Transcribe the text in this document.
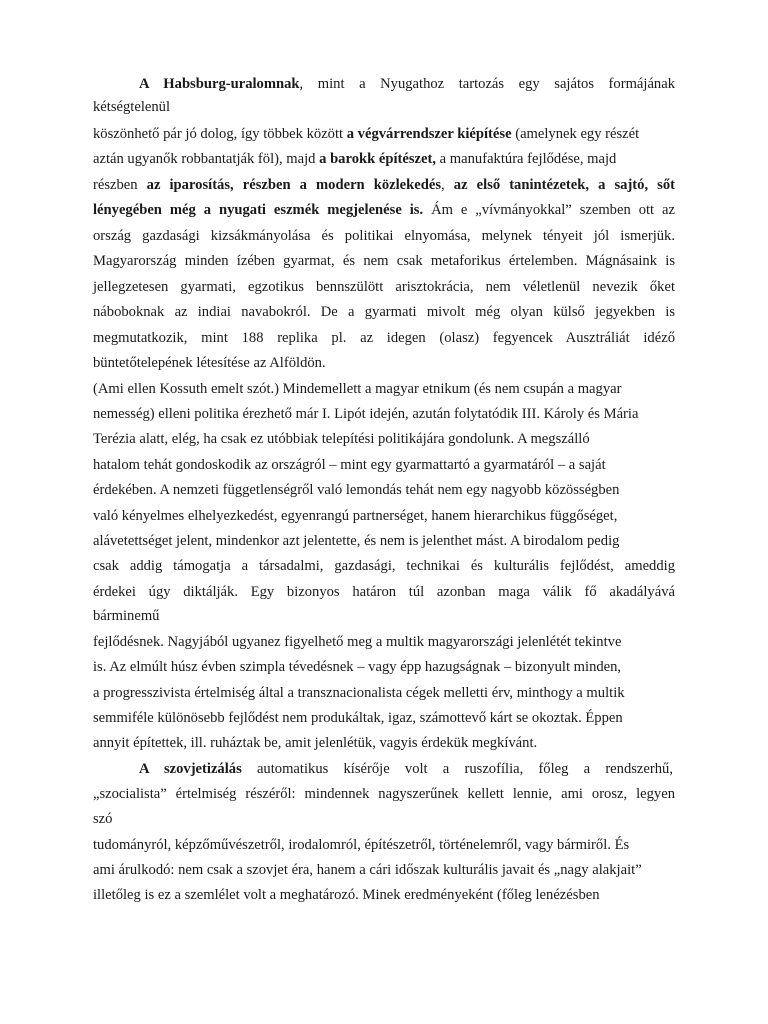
A Habsburg-uralomnak, mint a Nyugathoz tartozás egy sajátos formájának
kétségtelenül
köszönhető pár jó dolog, így többek között a végvárrendszer kiépítése (amelynek egy részét
aztán ugyanők robbantatják föl), majd a barokk építészet, a manufaktúra fejlődése, majd
részben az iparosítás, részben a modern közlekedés, az első tanintézetek, a sajtó, sőt
lényegében még a nyugati eszmék megjelenése is. Ám e „vívmányokkal” szemben ott az
ország gazdasági kizsákmányolása és politikai elnyomása, melynek tényeit jól ismerjük.
Magyarország minden ízében gyarmat, és nem csak metaforikus értelemben. Mágnásaink is
jellegzetesen gyarmati, egzotikus bennszülött arisztokrácia, nem véletlenül nevezik őket
náboboknak az indiai navabokról. De a gyarmati mivolt még olyan külső jegyekben is
megmutatkozik, mint 188 replika pl. az idegen (olasz) fegyencek Ausztráliát idéző
büntetőtelepének létesítése az Alföldön.
(Ami ellen Kossuth emelt szót.) Mindemellett a magyar etnikum (és nem csupán a magyar
nemesség) elleni politika érezhető már I. Lipót idején, azután folytatódik III. Károly és Mária
Terézia alatt, elég, ha csak ez utóbbiak telepítési politikájára gondolunk. A megszálló
hatalom tehát gondoskodik az országról – mint egy gyarmattartó a gyarmatáról – a saját
érdekében. A nemzeti függetlenségről való lemondás tehát nem egy nagyobb közösségben
való kényelmes elhelyezkedést, egyenrangú partnerséget, hanem hierarchikus függőséget,
alávetettséget jelent, mindenkor azt jelentette, és nem is jelenthet mást. A birodalom pedig
csak addig támogatja a társadalmi, gazdasági, technikai és kulturális fejlődést, ameddig
érdekei úgy diktálják. Egy bizonyos határon túl azonban maga válik fő akadályává
bárminemű
fejlődésnek. Nagyjából ugyanez figyelhető meg a multik magyarországi jelenlétét tekintve
is. Az elmúlt húsz évben szimpla tévedésnek – vagy épp hazugságnak – bizonyult minden,
a progresszivista értelmiség által a transznacionalista cégek melletti érv, minthogy a multik
semmiféle különösebb fejlődést nem produkáltak, igaz, számottevő kárt se okoztak. Éppen
annyit építettek, ill. ruháztak be, amit jelenlétük, vagyis érdekük megkívánt.
A szovjetizálás automatikus kísérője volt a ruszofília, főleg a rendszerhű,
„szocialista” értelmiség részéről: mindennek nagyszerűnek kellett lennie, ami orosz, legyen
szó
tudományról, képzőművészetről, irodalomról, építészetről, történelemről, vagy bármiről. És
ami árulkodó: nem csak a szovjet éra, hanem a cári időszak kulturális javait és „nagy alakjait”
illetőleg is ez a szemlélet volt a meghatározó. Minek eredményeként (főleg lenézésben
